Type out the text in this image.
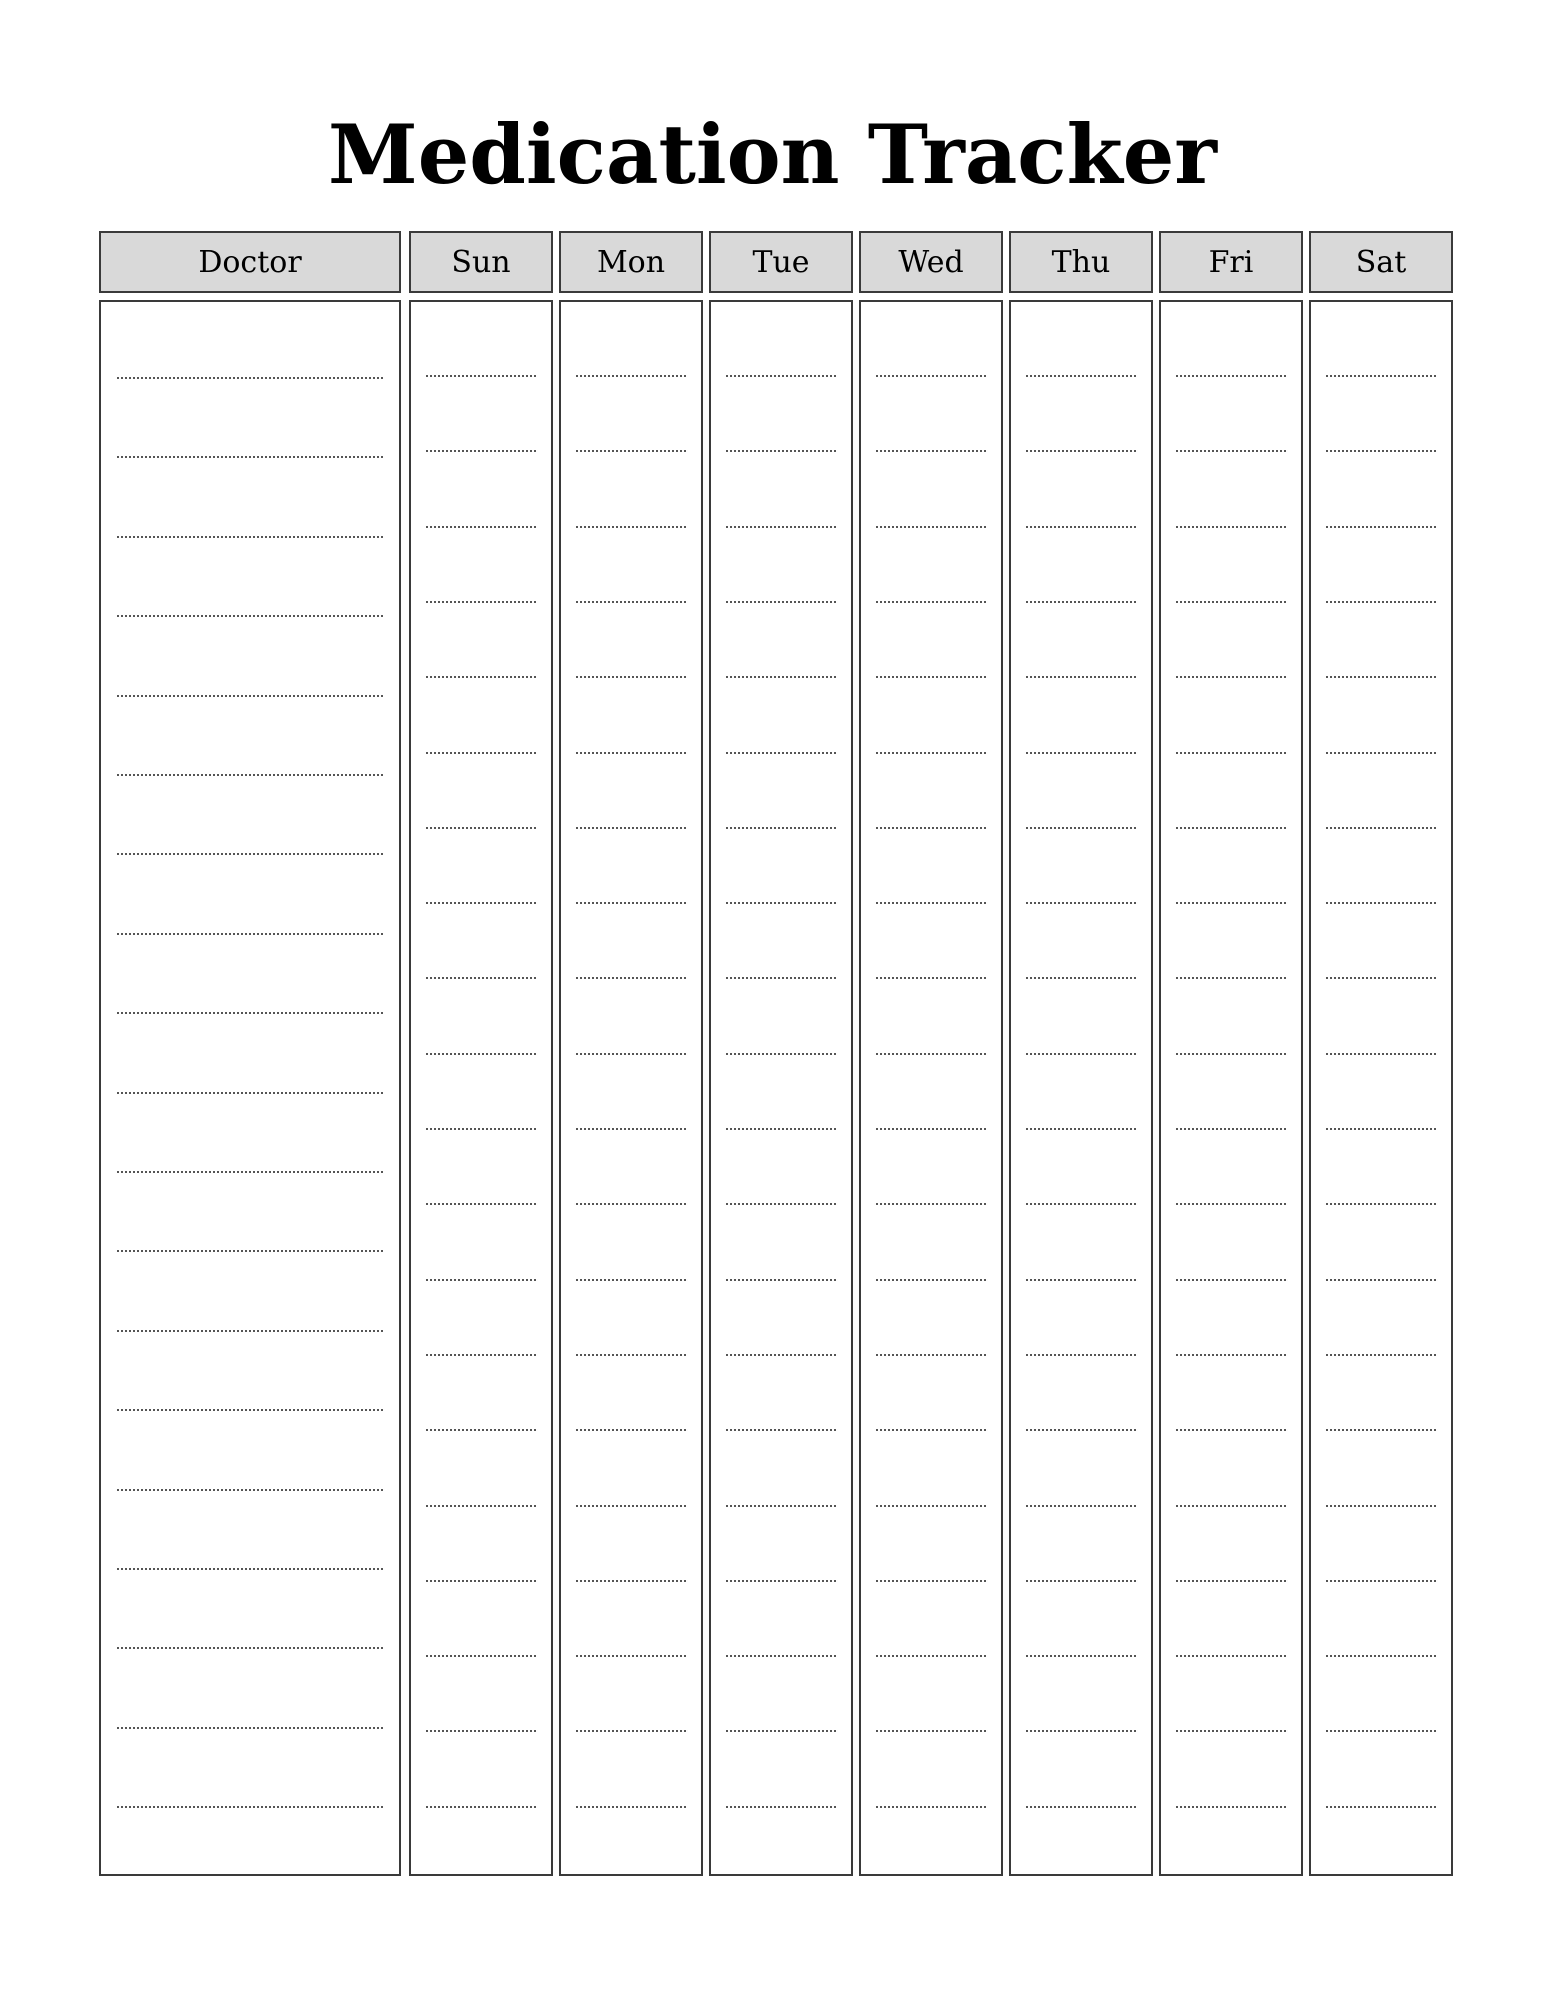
Medication Tracker
Doctor	Sun	Mon	Tue	Wed	Thu	Fri	Sat
